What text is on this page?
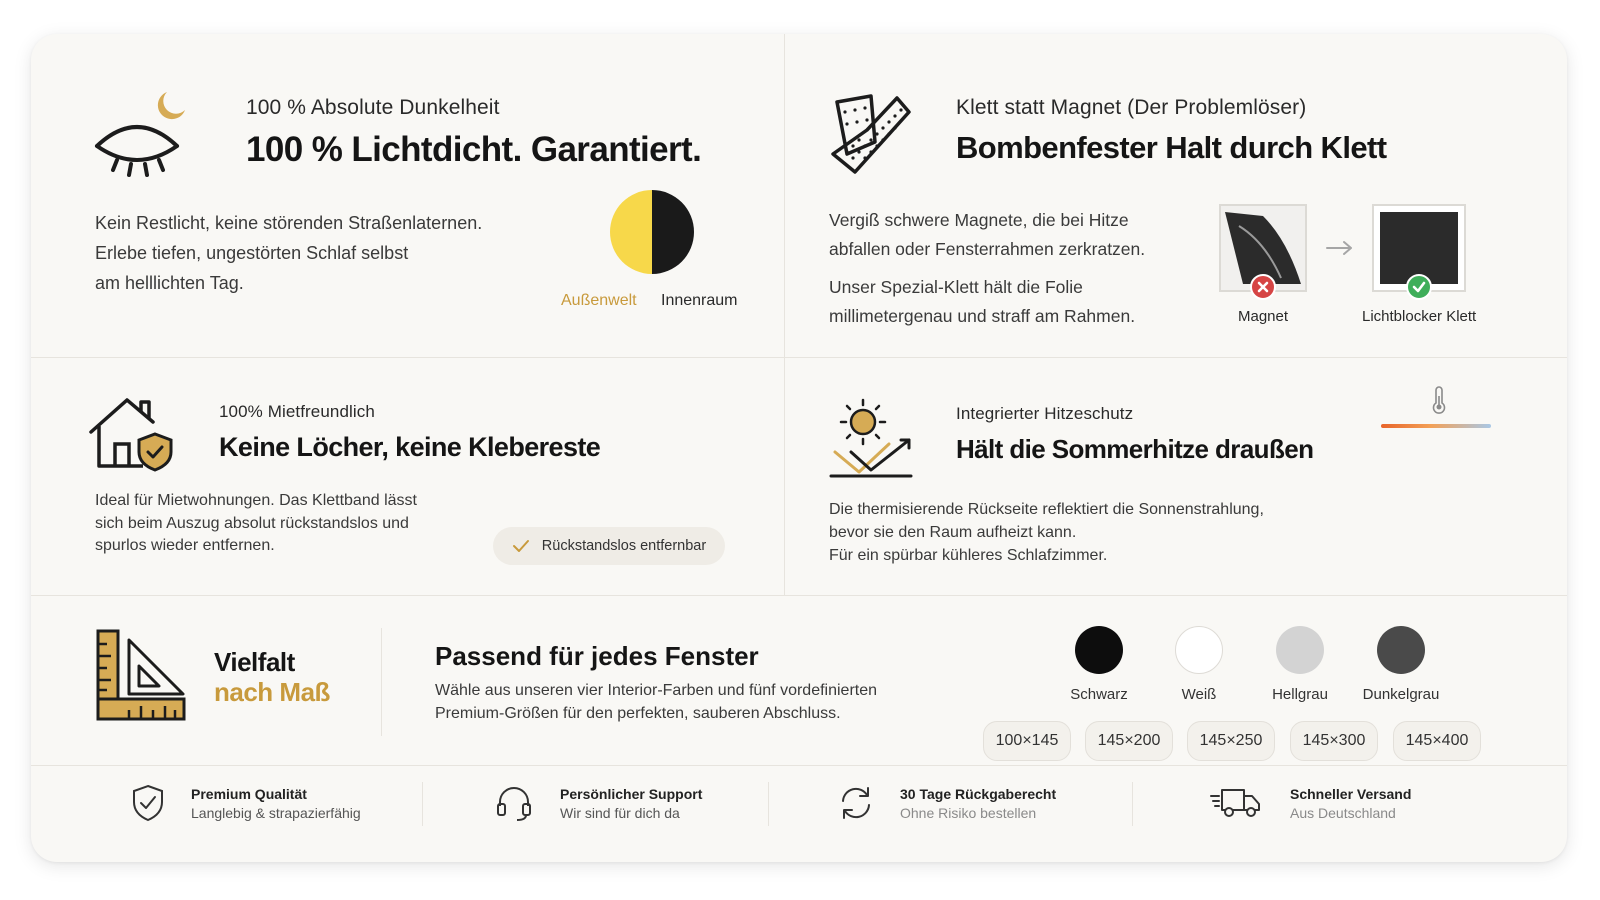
100 % Absolute Dunkelheit
100 % Lichtdicht. Garantiert.
Kein Restlicht, keine störenden Straßenlaternen.
Erlebe tiefen, ungestörten Schlaf selbst
am helllichten Tag.
Außenwelt Innenraum
Klett statt Magnet (Der Problemlöser)
Bombenfester Halt durch Klett
Vergiß schwere Magnete, die bei Hitze
abfallen oder Fensterrahmen zerkratzen.
Unser Spezial-Klett hält die Folie
millimetergenau und straff am Rahmen.	Magnet	Lichtblocker Klett
100% Mietfreundlich
Keine Löcher, keine Klebereste
Ideal für Mietwohnungen. Das Klettband lässt
sich beim Auszug absolut rückstandslos und
spurlos wieder entfernen.	Rückstandslos entfernbar
Integrierter Hitzeschutz
Hält die Sommerhitze draußen
Die thermisierende Rückseite reflektiert die Sonnenstrahlung,
bevor sie den Raum aufheizt kann.
Für ein spürbar kühleres Schlafzimmer.
Vielfalt
nach Maß
Passend für jedes Fenster
Wähle aus unseren vier Interior-Farben und fünf vordefinierten
Premium-Größen für den perfekten, sauberen Abschluss.
Schwarz	Weiß	Hellgrau	Dunkelgrau
100×145	145×200	145×250	145×300	145×400
Premium Qualität
Langlebig & strapazierfähig
Persönlicher Support
Wir sind für dich da
30 Tage Rückgaberecht
Ohne Risiko bestellen
Schneller Versand
Aus Deutschland
